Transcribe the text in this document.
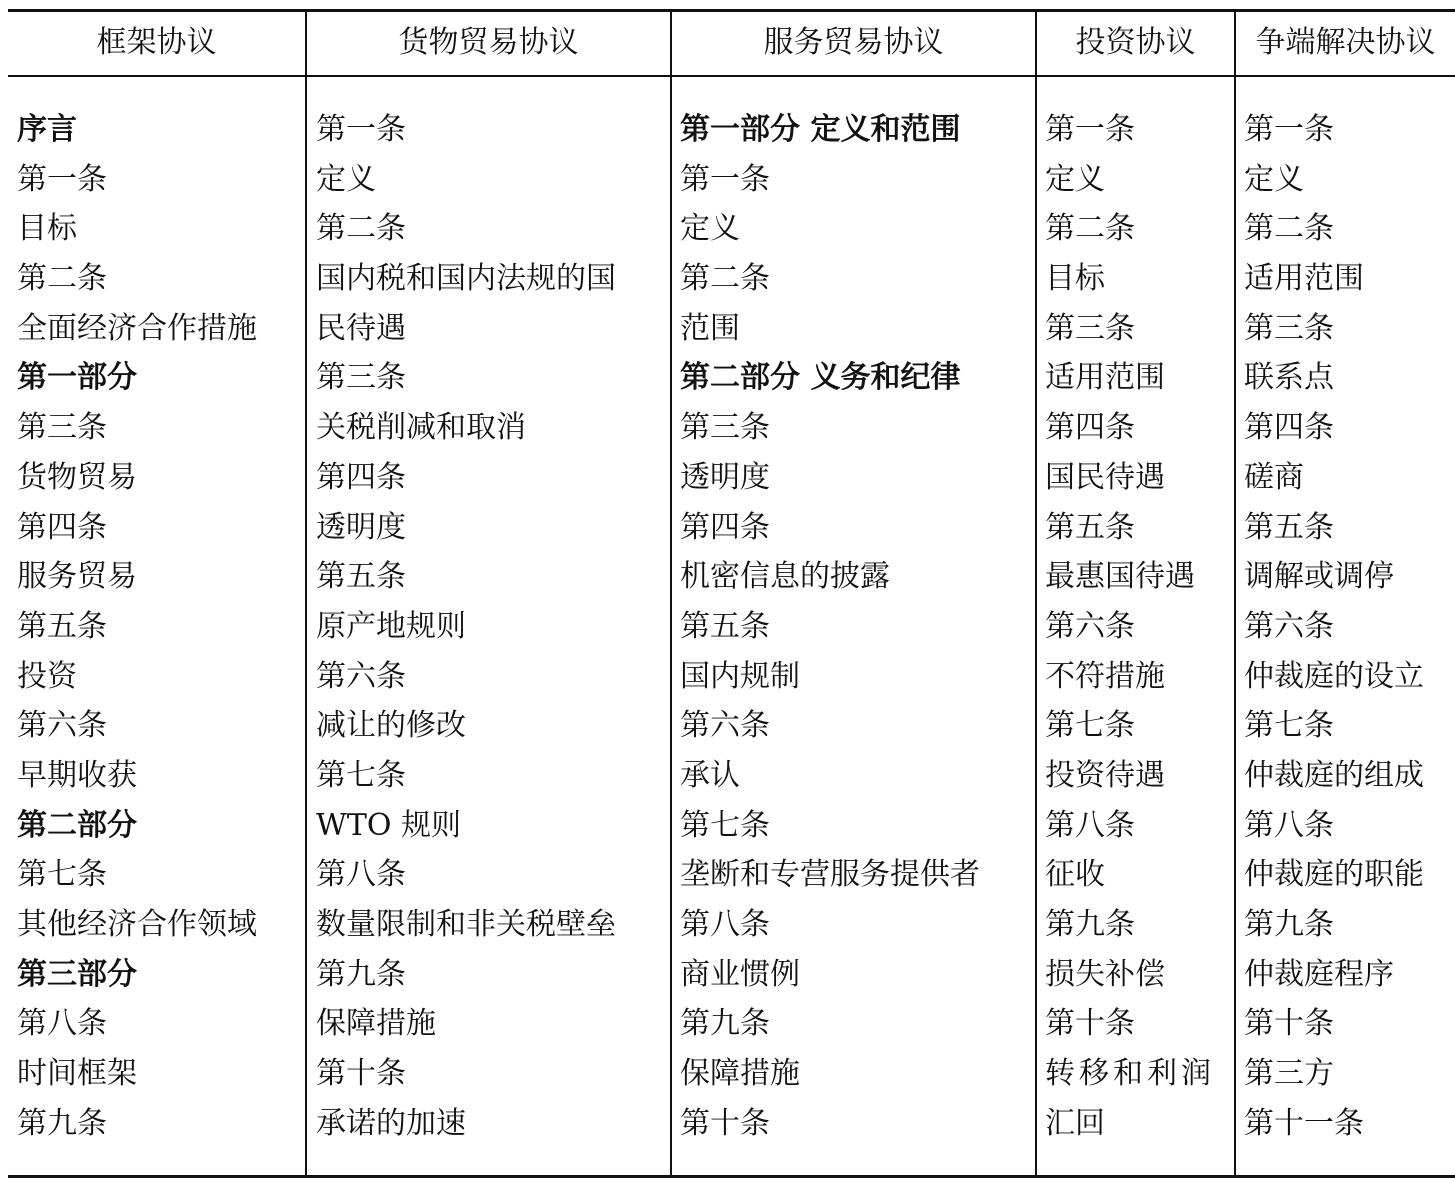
框架协议
序言
第一条
目标
第二条
全面经济合作措施
第一部分
第三条
货物贸易
第四条
服务贸易
第五条
投资
第六条
早期收获
第二部分
第七条
其他经济合作领域
第三部分
第八条
时间框架
第九条
货物贸易协议
第一条
定义
第二条
国内税和国内法规的国
民待遇
第三条
关税削减和取消
第四条
透明度
第五条
原产地规则
第六条
减让的修改
第七条
WTO 规则
第八条
数量限制和非关税壁垒
第九条
保障措施
第十条
承诺的加速
服务贸易协议
第一部分 定义和范围
第一条
定义
第二条
范围
第二部分 义务和纪律
第三条
透明度
第四条
机密信息的披露
第五条
国内规制
第六条
承认
第七条
垄断和专营服务提供者
第八条
商业惯例
第九条
保障措施
第十条
投资协议
第一条
定义
第二条
目标
第三条
适用范围
第四条
国民待遇
第五条
最惠国待遇
第六条
不符措施
第七条
投资待遇
第八条
征收
第九条
损失补偿
第十条
转移和利润
汇回
争端解决协议
第一条
定义
第二条
适用范围
第三条
联系点
第四条
磋商
第五条
调解或调停
第六条
仲裁庭的设立
第七条
仲裁庭的组成
第八条
仲裁庭的职能
第九条
仲裁庭程序
第十条
第三方
第十一条
